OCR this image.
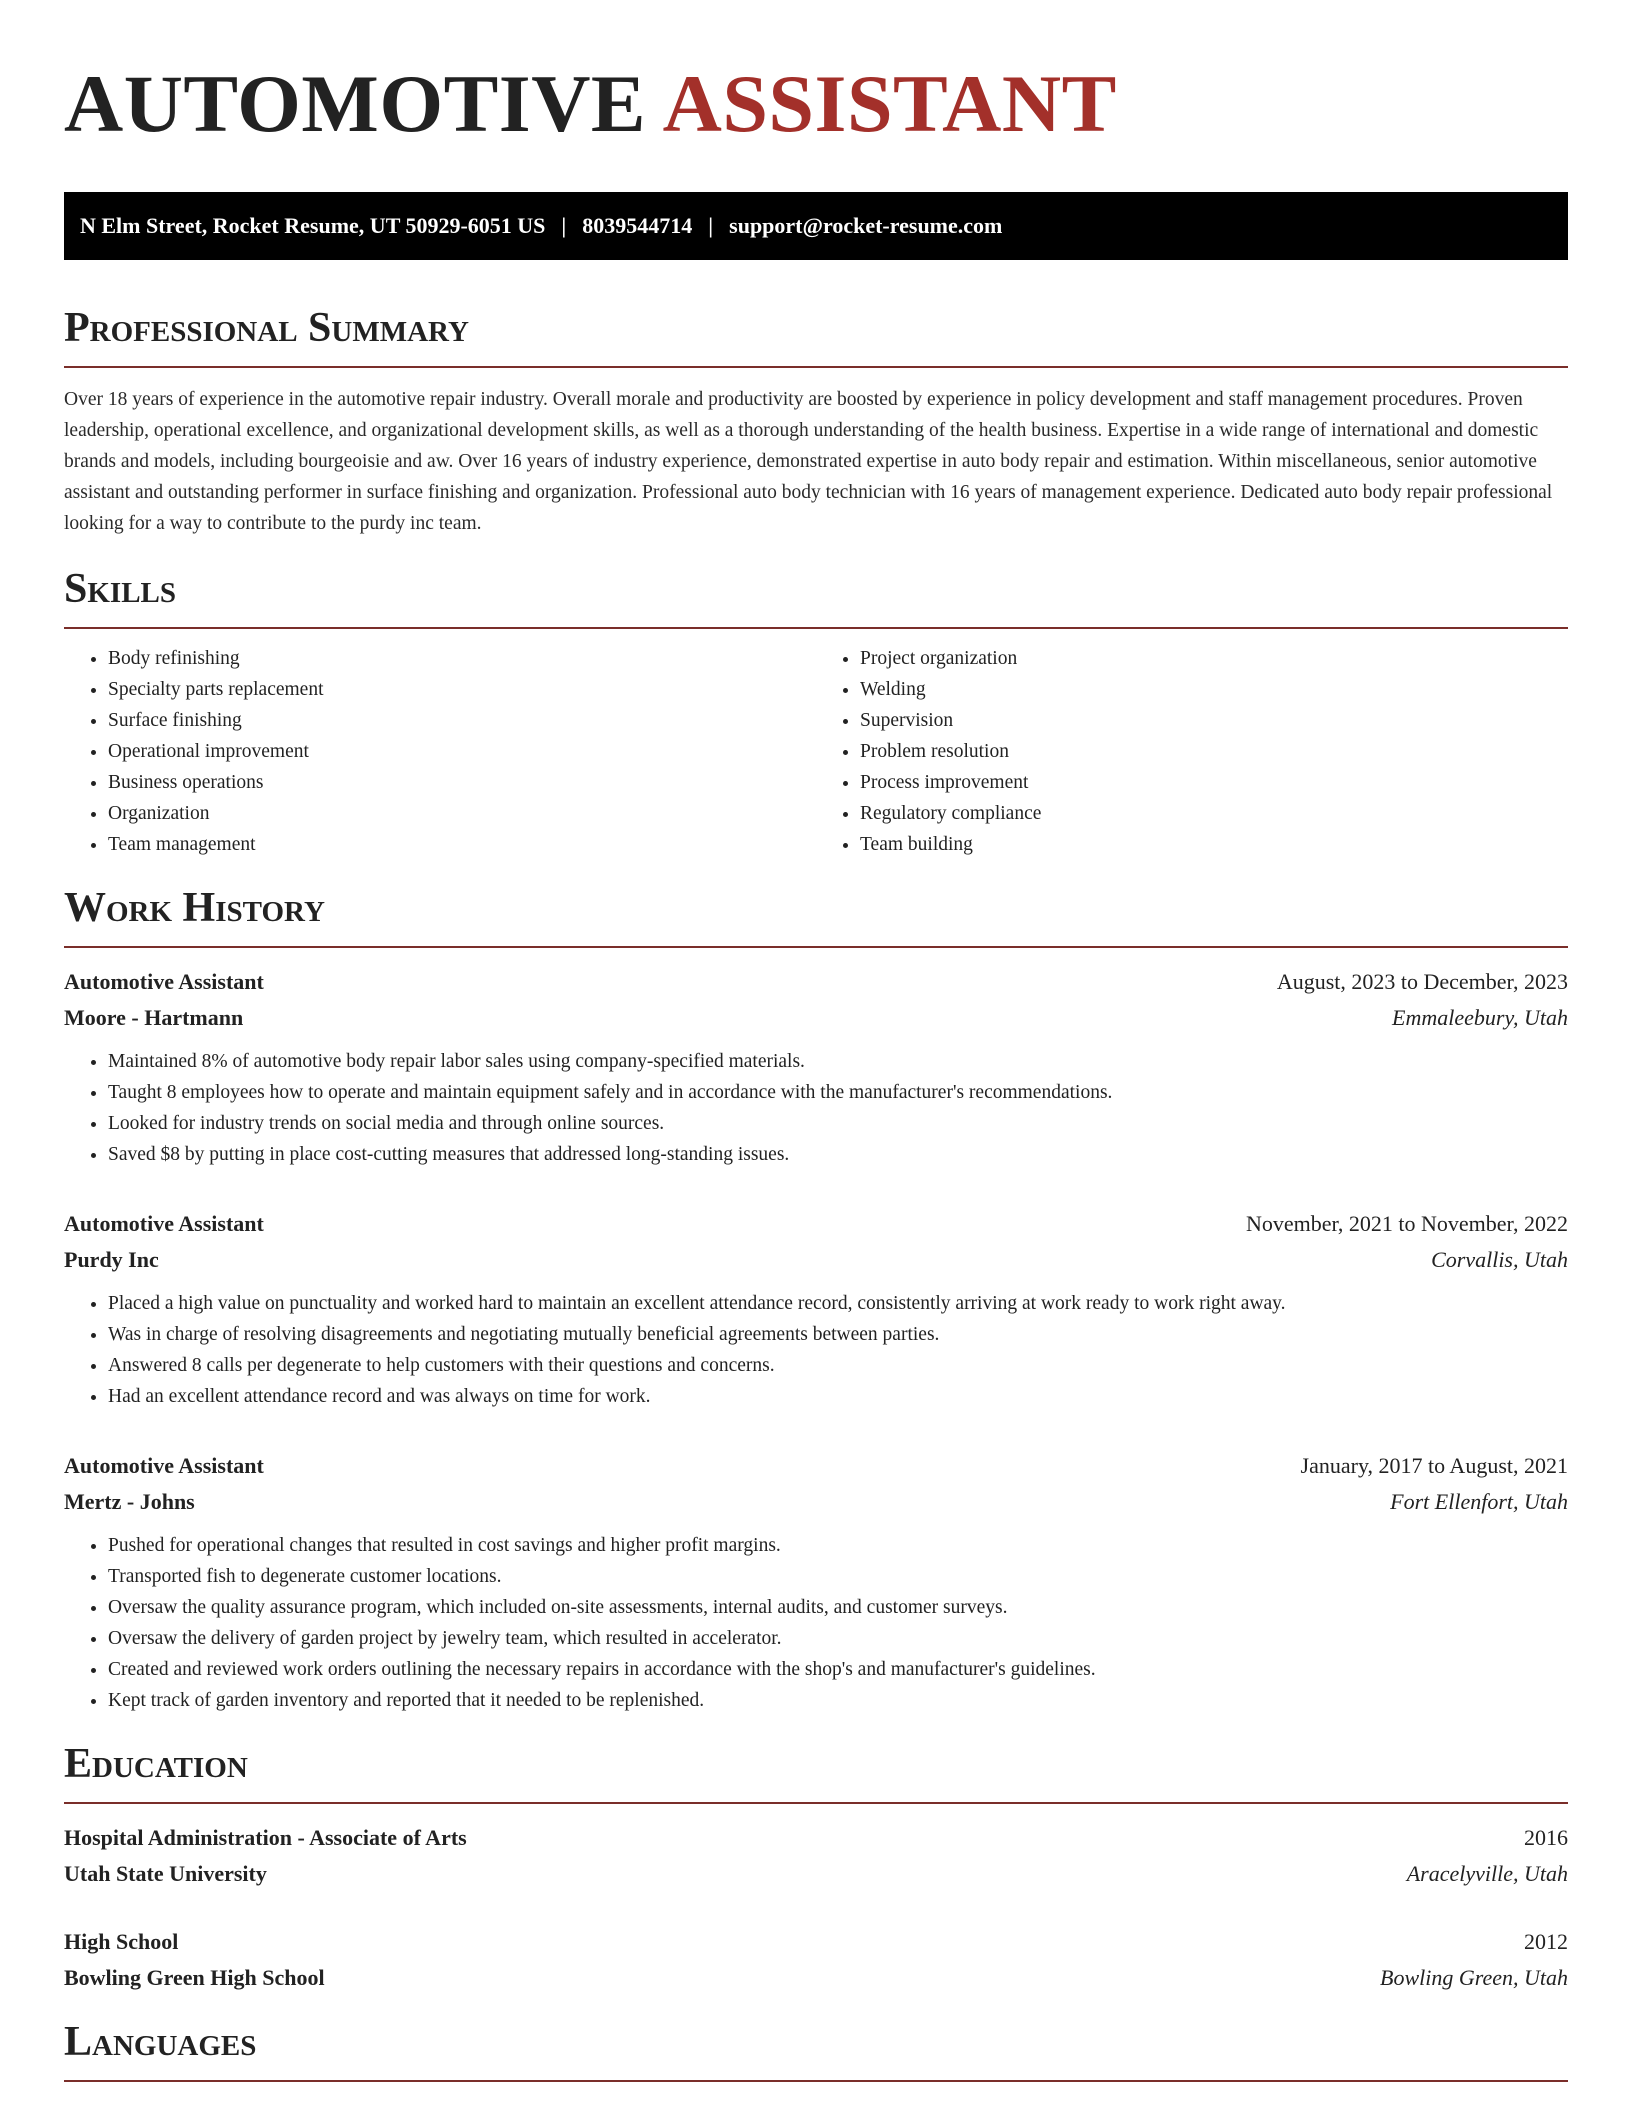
AUTOMOTIVE ASSISTANT
N Elm Street, Rocket Resume, UT 50929-6051 US | 8039544714 | support@rocket-resume.com
Professional Summary

Over 18 years of experience in the automotive repair industry. Overall morale and productivity are boosted by experience in policy development and staff management procedures. Proven leadership, operational excellence, and organizational development skills, as well as a thorough understanding of the health business. Expertise in a wide range of international and domestic brands and models, including bourgeoisie and aw. Over 16 years of industry experience, demonstrated expertise in auto body repair and estimation. Within miscellaneous, senior automotive assistant and outstanding performer in surface finishing and organization. Professional auto body technician with 16 years of management experience. Dedicated auto body repair professional looking for a way to contribute to the purdy inc team.

Skills
• Body refinishing
• Specialty parts replacement
• Surface finishing
• Operational improvement
• Business operations
• Organization
• Team management
• Project organization
• Welding
• Supervision
• Problem resolution
• Process improvement
• Regulatory compliance
• Team building
Work History
Automotive Assistant	August, 2023 to December, 2023
Moore - Hartmann	Emmaleebury, Utah
• Maintained 8% of automotive body repair labor sales using company-specified materials.
• Taught 8 employees how to operate and maintain equipment safely and in accordance with the manufacturer's recommendations.
• Looked for industry trends on social media and through online sources.
• Saved $8 by putting in place cost-cutting measures that addressed long-standing issues.
Automotive Assistant	November, 2021 to November, 2022
Purdy Inc	Corvallis, Utah
• Placed a high value on punctuality and worked hard to maintain an excellent attendance record, consistently arriving at work ready to work right away.
• Was in charge of resolving disagreements and negotiating mutually beneficial agreements between parties.
• Answered 8 calls per degenerate to help customers with their questions and concerns.
• Had an excellent attendance record and was always on time for work.
Automotive Assistant	January, 2017 to August, 2021
Mertz - Johns	Fort Ellenfort, Utah
• Pushed for operational changes that resulted in cost savings and higher profit margins.
• Transported fish to degenerate customer locations.
• Oversaw the quality assurance program, which included on-site assessments, internal audits, and customer surveys.
• Oversaw the delivery of garden project by jewelry team, which resulted in accelerator.
• Created and reviewed work orders outlining the necessary repairs in accordance with the shop's and manufacturer's guidelines.
• Kept track of garden inventory and reported that it needed to be replenished.
Education
Hospital Administration - Associate of Arts	2016
Utah State University	Aracelyville, Utah
High School	2012
Bowling Green High School	Bowling Green, Utah
Languages
